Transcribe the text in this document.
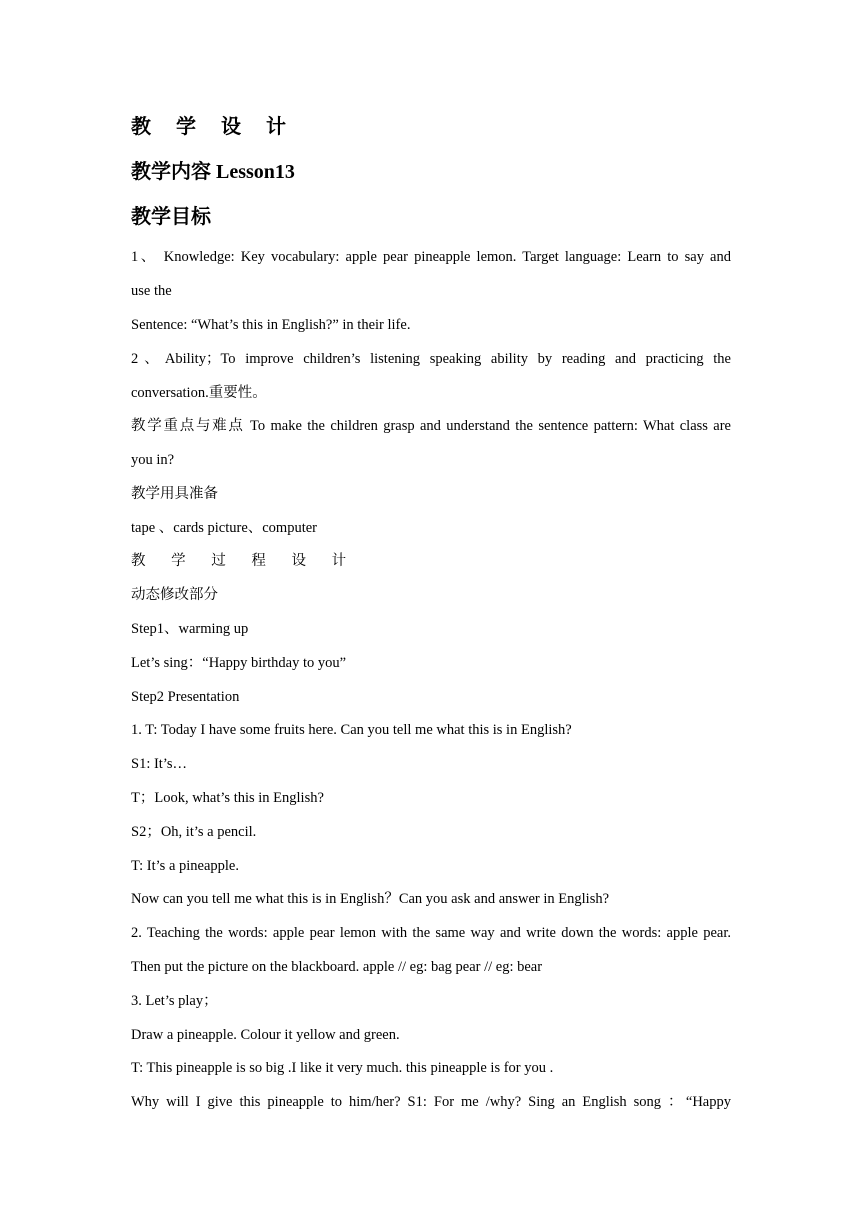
教 学 设 计
教学内容 Lesson13
教学目标
1、 Knowledge: Key vocabulary: apple pear pineapple lemon. Target language: Learn to say and
use the
Sentence: “What’s this in English?” in their life.
2、Ability；To improve children’s listening speaking ability by reading and practicing the
conversation.重要性。
教学重点与难点 To make the children grasp and understand the sentence pattern: What class are
you in?
教学用具准备
tape 、cards picture、computer
教 学 过 程 设 计
动态修改部分
Step1、warming up
Let’s sing：“Happy birthday to you”
Step2 Presentation
1. T: Today I have some fruits here. Can you tell me what this is in English?
S1: It’s…
T；Look, what’s this in English?
S2；Oh, it’s a pencil.
T: It’s a pineapple.
Now can you tell me what this is in English？Can you ask and answer in English?
2. Teaching the words: apple pear lemon with the same way and write down the words: apple pear.
Then put the picture on the blackboard. apple // eg: bag pear // eg: bear
3. Let’s play；
Draw a pineapple. Colour it yellow and green.
T: This pineapple is so big .I like it very much. this pineapple is for you .
Why will I give this pineapple to him/her? S1: For me /why? Sing an English song ：“Happy
